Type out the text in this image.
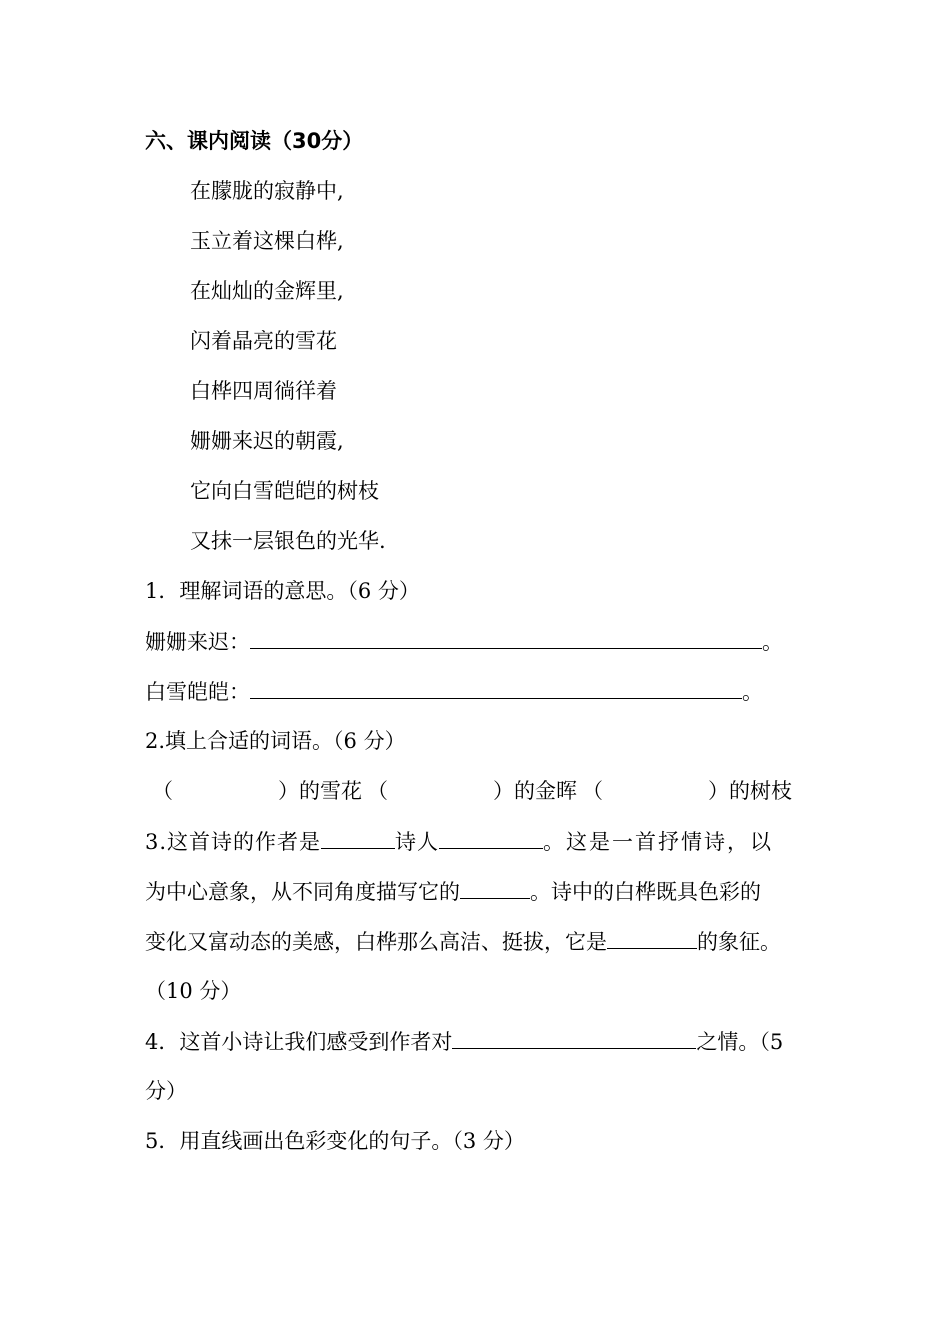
六、课内阅读（30分）
在朦胧的寂静中,
玉立着这棵白桦,
在灿灿的金辉里,
闪着晶亮的雪花
白桦四周徜徉着
姗姗来迟的朝霞,
它向白雪皑皑的树枝
又抹一层银色的光华.
1．理解词语的意思。（6 分）
姗姗来迟：	。
白雪皑皑：	。
2.填上合适的词语。（6 分）
（　　　　　）的雪花 （　　　　　）的金晖 （　　　　　）的树枝
3.这首诗的作者是	诗人	。这是一首抒情诗，以
为中心意象，从不同角度描写它的	。诗中的白桦既具色彩的
变化又富动态的美感，白桦那么高洁、挺拔，它是	的象征。
（10 分）
4．这首小诗让我们感受到作者对	之情。（5
分）
5．用直线画出色彩变化的句子。（3 分）
